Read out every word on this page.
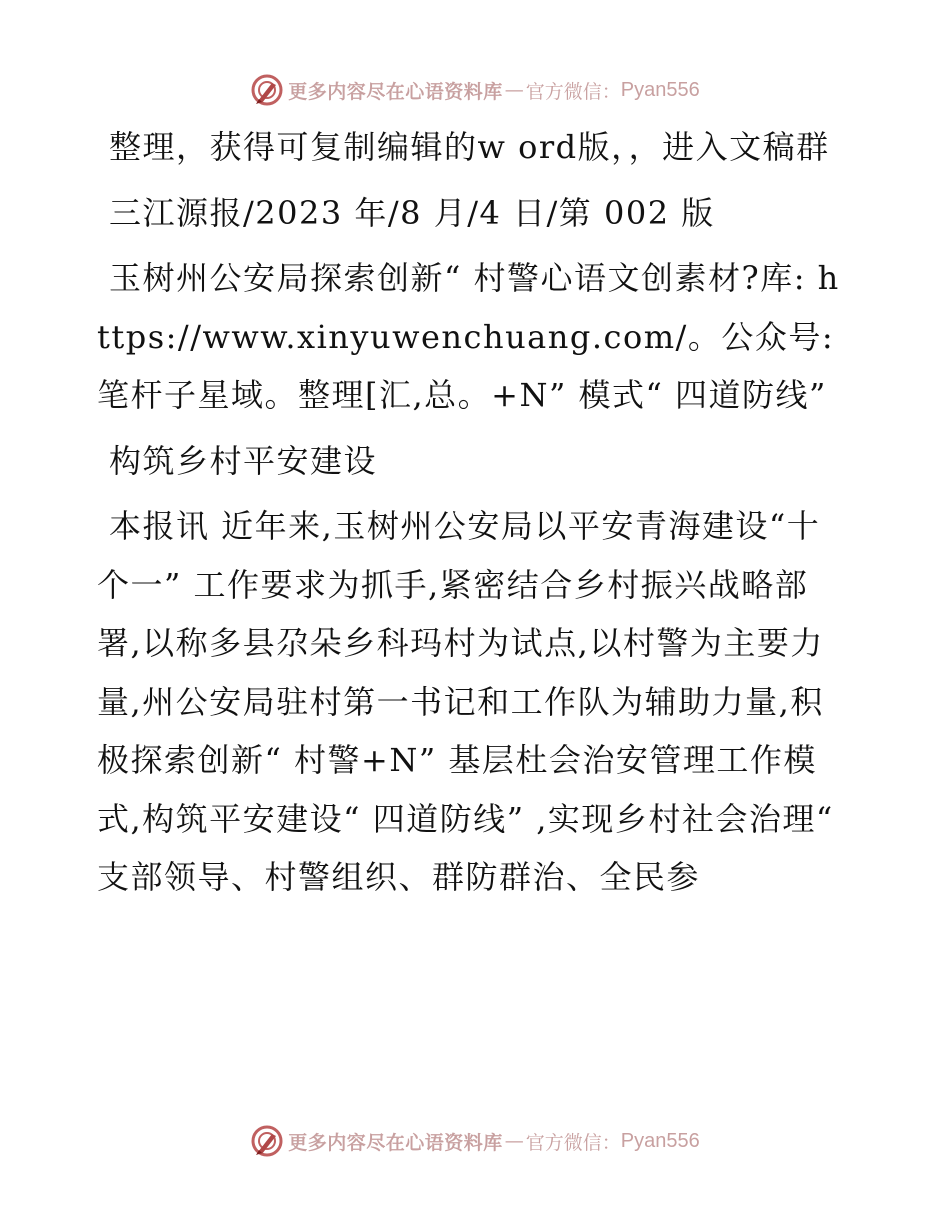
更多内容尽在心语资料库 — 官方微信： Pyan556
整理，获得可复制编辑的w ord版，，进入文稿群
三江源报/2023 年/8 月/4 日/第 002 版
玉树州公安局探索创新“ 村警心语文创素材?库: https://www.xinyuwenchuang.com/。公众号: 笔杆子星域。整理[汇,总。+N” 模式“ 四道防线”
构筑乡村平安建设
本报讯 近年来,玉树州公安局以平安青海建设“十个一” 工作要求为抓手,紧密结合乡村振兴战略部署,以称多县尕朵乡科玛村为试点,以村警为主要力量,州公安局驻村第一书记和工作队为辅助力量,积极探索创新“ 村警+N” 基层杜会治安管理工作模式,构筑平安建设“ 四道防线” ,实现乡村社会治理“ 支部领导、村警组织、群防群治、全民参
更多内容尽在心语资料库 — 官方微信： Pyan556
